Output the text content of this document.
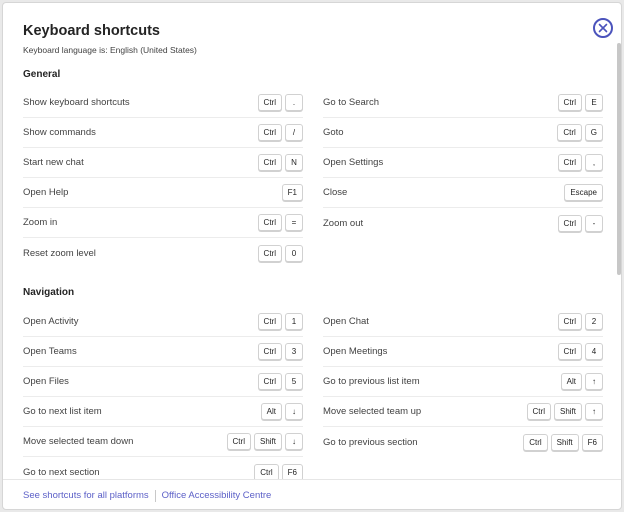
Keyboard shortcuts
Keyboard language is: English (United States)
General
Show keyboard shortcuts	Ctrl	.
Show commands	Ctrl	/
Start new chat	Ctrl	N
Open Help	F1
Zoom in	Ctrl	=
Reset zoom level	Ctrl	0
Go to Search	Ctrl	E
Goto	Ctrl	G
Open Settings	Ctrl	,
Close	Escape
Zoom out	Ctrl	-
Navigation
Open Activity	Ctrl	1
Open Teams	Ctrl	3
Open Files	Ctrl	5
Go to next list item	Alt	↓
Move selected team down	Ctrl	Shift	↓
Go to next section	Ctrl	F6
Open Chat	Ctrl	2
Open Meetings	Ctrl	4
Go to previous list item	Alt	↑
Move selected team up	Ctrl	Shift	↑
Go to previous section	Ctrl	Shift	F6
See shortcuts for all platforms Office Accessibility Centre
